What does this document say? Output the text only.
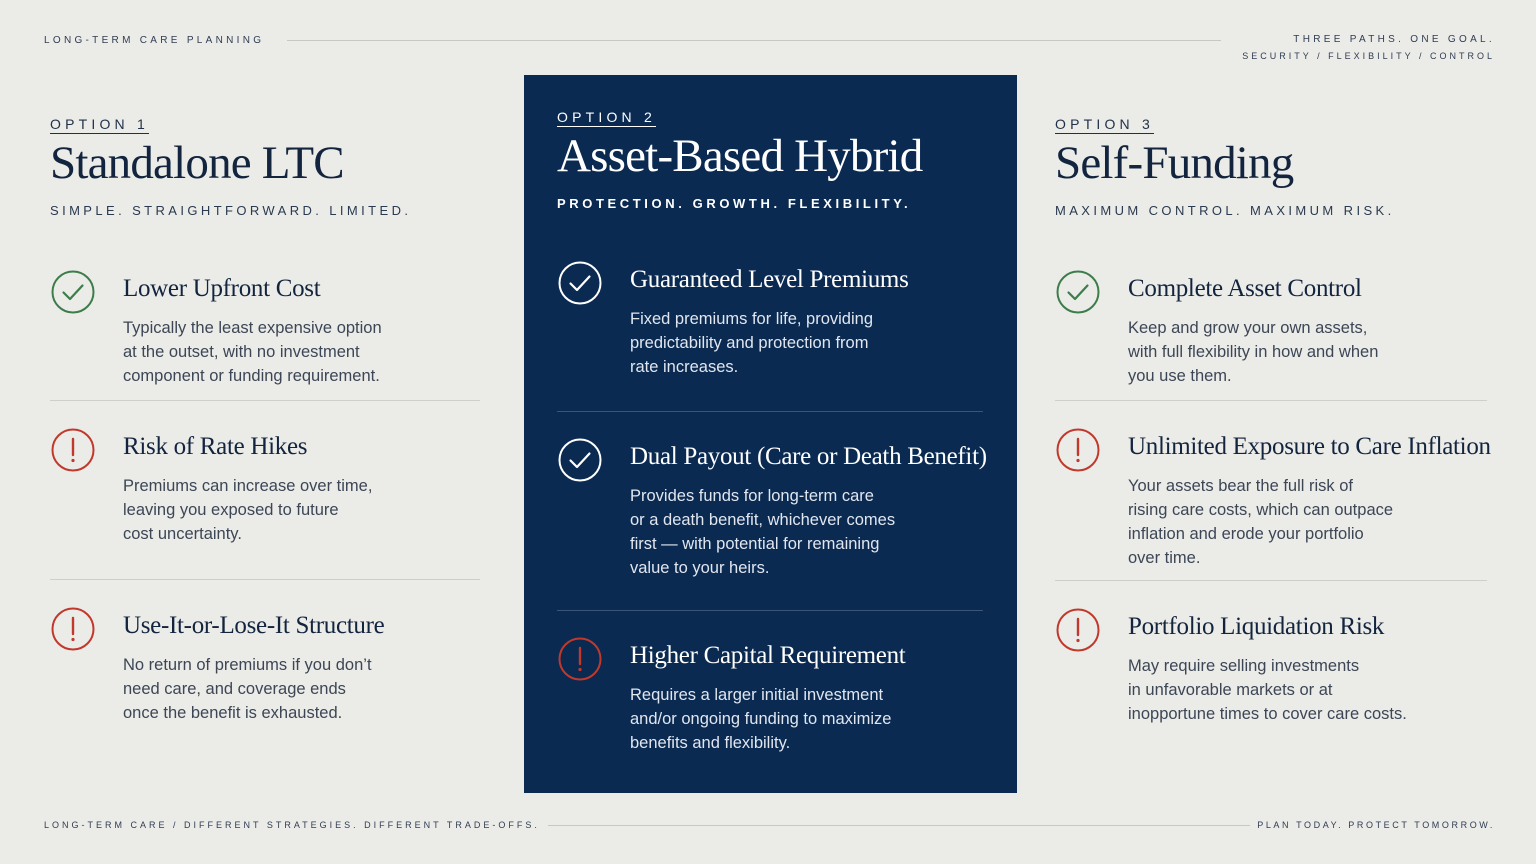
LONG-TERM CARE PLANNING	THREE PATHS. ONE GOAL.
SECURITY / FLEXIBILITY / CONTROL
OPTION 1
Standalone LTC
SIMPLE. STRAIGHTFORWARD. LIMITED.
Lower Upfront Cost
Typically the least expensive option
at the outset, with no investment
component or funding requirement.
Risk of Rate Hikes
Premiums can increase over time,
leaving you exposed to future
cost uncertainty.
Use-It-or-Lose-It Structure
No return of premiums if you don’t
need care, and coverage ends
once the benefit is exhausted.
OPTION 2
Asset-Based Hybrid
PROTECTION. GROWTH. FLEXIBILITY.
Guaranteed Level Premiums
Fixed premiums for life, providing
predictability and protection from
rate increases.
Dual Payout (Care or Death Benefit)
Provides funds for long-term care
or a death benefit, whichever comes
first — with potential for remaining
value to your heirs.
Higher Capital Requirement
Requires a larger initial investment
and/or ongoing funding to maximize
benefits and flexibility.
OPTION 3
Self-Funding
MAXIMUM CONTROL. MAXIMUM RISK.
Complete Asset Control
Keep and grow your own assets,
with full flexibility in how and when
you use them.
Unlimited Exposure to Care Inflation
Your assets bear the full risk of
rising care costs, which can outpace
inflation and erode your portfolio
over time.
Portfolio Liquidation Risk
May require selling investments
in unfavorable markets or at
inopportune times to cover care costs.
LONG-TERM CARE / DIFFERENT STRATEGIES. DIFFERENT TRADE-OFFS.	PLAN TODAY. PROTECT TOMORROW.
